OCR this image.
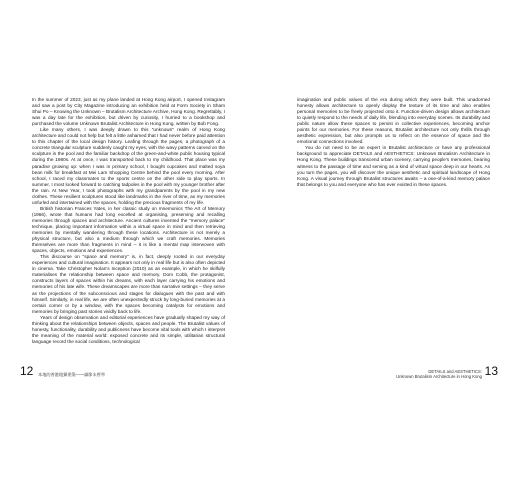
In the summer of 2023, just as my plane landed at Hong Kong airport, I opened Instagram and saw a post by City Magazine introducing an exhibition held at Form Society in Sham Shui Po – Knowing the Unknown – Brutalism Architecture Archive, Hong Kong. Regrettably, I was a day late for the exhibition, but driven by curiosity, I hurried to a bookshop and purchased the volume Unknown Brutalist Architecture in Hong Kong, written by Bob Fong.

Like many others, I was deeply drawn to this "unknown" realm of Hong Kong architecture and could not help but felt a little ashamed that I had never before paid attention to this chapter of the local design history. Leafing through the pages, a photograph of a concrete triangular sculpture suddenly caught my eyes, with the wavy patterns carved on the sculpture in the pool and the familiar backdrop of the green-and-white public housing typical during the 1980s. At at once, I was transported back to my childhood. That place was my paradise growing up: when I was in primary school, I bought cupcakes and malted soya bean milk for breakfast at Mei Lam Shopping Centre behind the pool every morning. After school, I raced my classmates to the sports centre on the other side to play sports. In summer, I most looked forward to catching tadpoles in the pool with my younger brother after the rain. At New Year, I took photographs with my grandparents by the pool in my new clothes. These resilient sculptures stood like landmarks in the river of time, as my memories unfurled and intertwined with the spaces, holding the precious fragments of my life.

British historian Frances Yates, in her classic study on mnemonics The Art of Memory (1966), wrote that humans had long excelled at organising, preserving and recalling memories through spaces and architecture. Ancient cultures invented the "memory palace" technique, placing important information within a virtual space in mind and then retrieving memories by mentally wandering through these locations. Architecture is not merely a physical structure, but also a medium through which we craft memories. Memories themselves are more than fragments in mind – it is like a mental map interwoven with spaces, objects, emotions and experiences.

This discourse on "space and memory" is, in fact, deeply rooted in our everyday experiences and cultural imagination. It appears not only in real life but is also often depicted in cinema. Take Christopher Nolan's Inception (2010) as an example, in which he skilfully materialises the relationship between space and memory. Dom Cobb, the protagonist, constructs layers of spaces within his dreams, with each layer carrying his emotions and memories of his late wife. These dreamscapes are more than narrative settings – they serve as the projections of the subconscious and stages for dialogues with the past and with himself. Similarly, in real life, we are often unexpectedly struck by long-buried memories at a certain corner or by a window, with the spaces becoming catalysts for emotions and memories by bringing past stories vividly back to life.

Years of design observation and editorial experiences have gradually shaped my way of thinking about the relationships between objects, spaces and people. The Brutalist values of honesty, functionality, durability and publicness have become vital tools with which I interpret the meaning of the material world: exposed concrete and its simple, utilitarian structural language record the social conditions, technological

12 本地的香港粗獷建築——細節未曾寧

imagination and public values of the era during which they were built. This unadorned honesty allows architecture to openly display the texture of its time and also enables personal memories to be freely projected onto it. Function-driven design allows architecture to quietly respond to the needs of daily life, blending into everyday scenes. Its durability and public nature allow these spaces to persist in collective experiences, becoming anchor points for our memories. For these reasons, Brutalist architecture not only thrills through aesthetic expression, but also prompts us to reflect on the essence of space and the emotional connections involved.

You do not need to be an expert in Brutalist architecture or have any professional background to appreciate DETAILS and AESTHETICS: Unknown Brutalism Architecture in Hong Kong. These buildings transcend urban scenery, carrying people's memories, bearing witness to the passage of time and serving as a kind of virtual space deep in our hearts. As you turn the pages, you will discover the unique aesthetic and spiritual landscape of Hong Kong. A visual journey through Brutalist structures awaits – a one-of-a-kind memory palace that belongs to you and everyone who has ever existed in these spaces.

DETAILS and AESTHETICS:
Unknown Brutalism Architecture in Hong Kong 13
